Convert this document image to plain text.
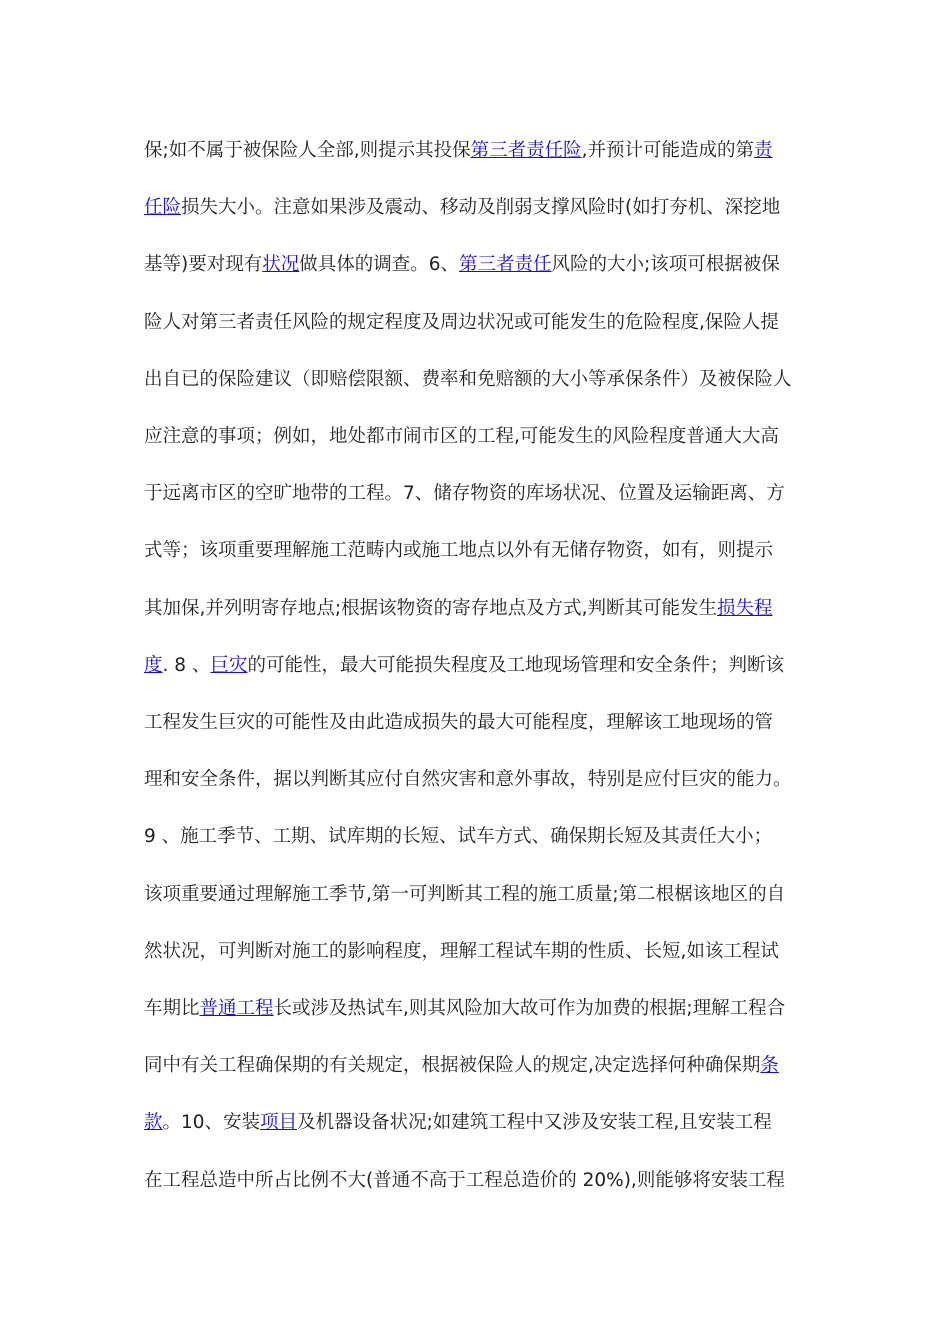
保;如不属于被保险人全部,则提示其投保第三者责任险,并预计可能造成的第责
任险损失大小。注意如果涉及震动、移动及削弱支撑风险时(如打夯机、深挖地
基等)要对现有状况做具体的调查。6、第三者责任风险的大小;该项可根据被保
险人对第三者责任风险的规定程度及周边状况或可能发生的危险程度,保险人提
出自已的保险建议（即赔偿限额、费率和免赔额的大小等承保条件）及被保险人
应注意的事项；例如，地处都市闹市区的工程,可能发生的风险程度普通大大高
于远离市区的空旷地带的工程。7、储存物资的库场状况、位置及运输距离、方
式等；该项重要理解施工范畴内或施工地点以外有无储存物资，如有，则提示
其加保,并列明寄存地点;根据该物资的寄存地点及方式,判断其可能发生损失程
度. 8 、巨灾的可能性，最大可能损失程度及工地现场管理和安全条件；判断该
工程发生巨灾的可能性及由此造成损失的最大可能程度，理解该工地现场的管
理和安全条件，据以判断其应付自然灾害和意外事故，特别是应付巨灾的能力。
9 、施工季节、工期、试库期的长短、试车方式、确保期长短及其责任大小；
该项重要通过理解施工季节,第一可判断其工程的施工质量;第二根椐该地区的自
然状况，可判断对施工的影响程度，理解工程试车期的性质、长短,如该工程试
车期比普通工程长或涉及热试车,则其风险加大故可作为加费的根据;理解工程合
同中有关工程确保期的有关规定，根据被保险人的规定,决定选择何种确保期条
款。10、安装项目及机器设备状况;如建筑工程中又涉及安装工程,且安装工程
在工程总造中所占比例不大(普通不高于工程总造价的 20%),则能够将安装工程
